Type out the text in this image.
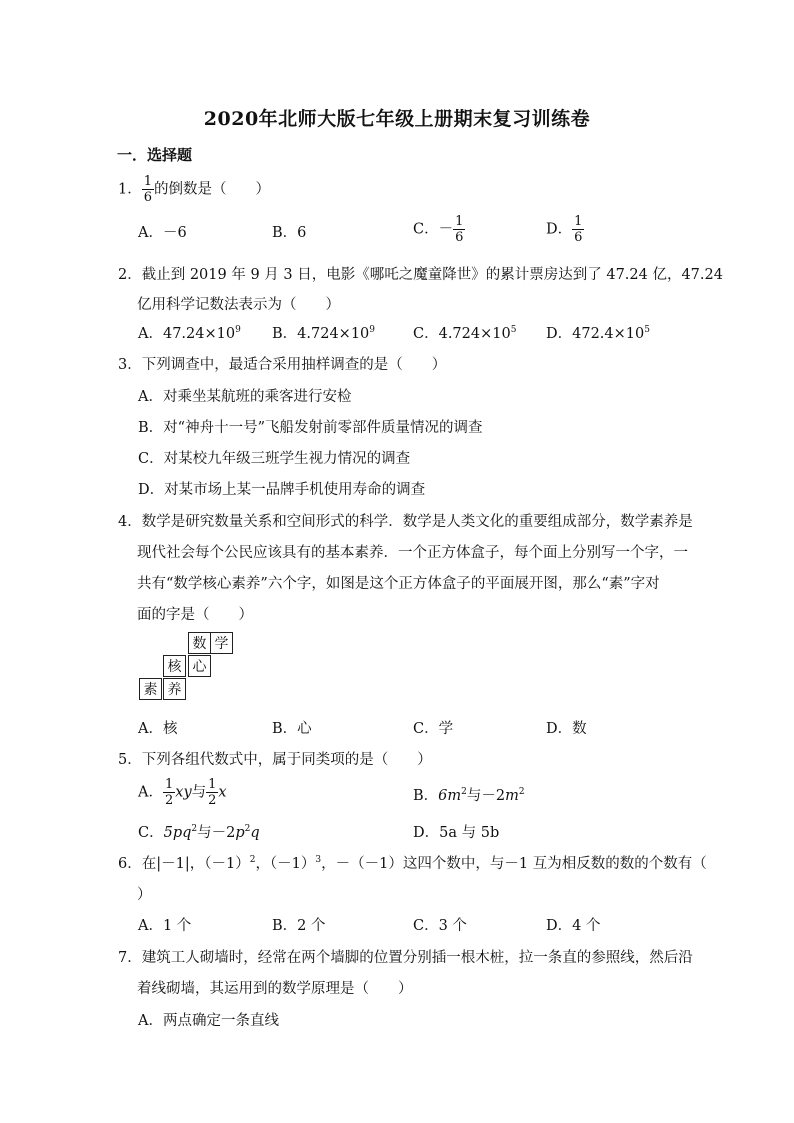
2020年北师大版七年级上册期末复习训练卷
一．选择题
1． $\frac{1}{6}$ 的倒数是（　　）
A．－6	B．6	C．－ $\frac{1}{6}$	D． $\frac{1}{6}$
2．截止到 2019 年 9 月 3 日，电影《哪吒之魔童降世》的累计票房达到了 47.24 亿，47.24
亿用科学记数法表示为（　　）
A．$47.24\times 10^9$ B．$4.724\times 10^9$	C．$4.724\times 10^5$ D．$472.4\times 10^5$
3．下列调查中，最适合采用抽样调查的是（　　）
A．对乘坐某航班的乘客进行安检
B．对“神舟十一号”飞船发射前零部件质量情况的调查
C．对某校九年级三班学生视力情况的调查
D．对某市场上某一品牌手机使用寿命的调查
4．数学是研究数量关系和空间形式的科学．数学是人类文化的重要组成部分，数学素养是
现代社会每个公民应该具有的基本素养．一个正方体盒子，每个面上分别写一个字，一
共有“数学核心素养”六个字，如图是这个正方体盒子的平面展开图，那么“素”字对
面的字是（　　）
数 学
核 心
素 养
A．核	B．心	C．学	D．数
5．下列各组代数式中，属于同类项的是（　　）
A． $\frac{1}{2}$ xy与 $\frac{1}{2}$ x	B．$6m^2$与$-2m^2$
C．$5pq^2$与$-2p^2q$	D．5a 与 5b
6．在|－1|，$(-1)^2$，$(-1)^3$，－（－1）这四个数中，与－1 互为相反数的数的个数有（
）
A．1 个	B．2 个	C．3 个	D．4 个
7．建筑工人砌墙时，经常在两个墙脚的位置分别插一根木桩，拉一条直的参照线，然后沿
着线砌墙，其运用到的数学原理是（　　）
A．两点确定一条直线
